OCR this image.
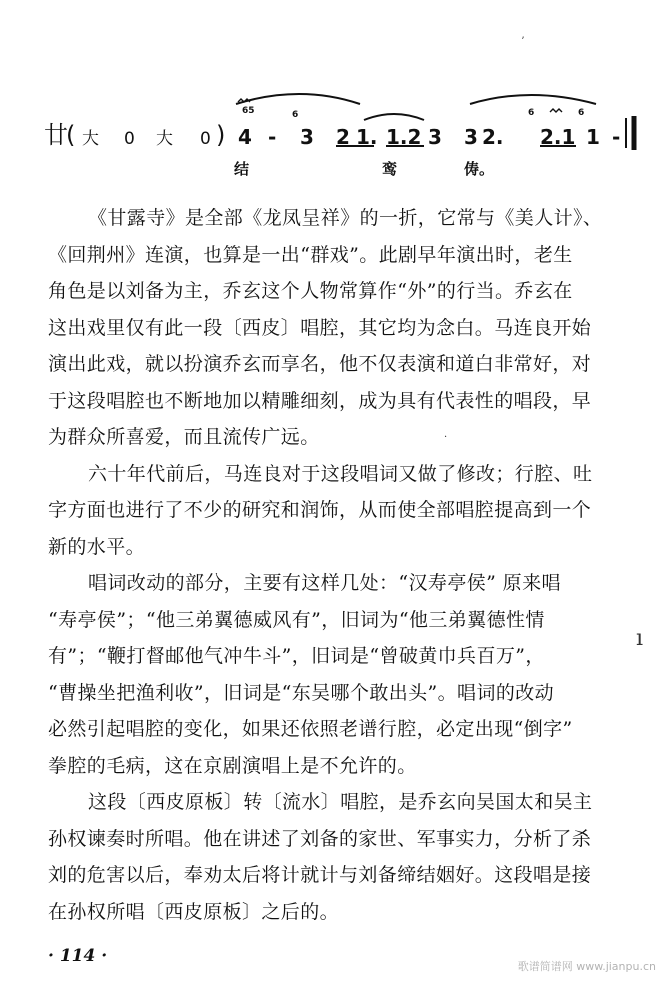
廿
( 大 0 大 0 )
65
4 -
6
3 2 1. 1.2 3 3 2.
6
2.1
6
1 -
结	鸾	俦。
ʼ
《甘露寺》是全部《龙凤呈祥》的一折，它常与《美人计》、
《回荆州》连演，也算是一出“群戏”。此剧早年演出时，老生
角色是以刘备为主，乔玄这个人物常算作“外”的行当。乔玄在
这出戏里仅有此一段〔西皮〕唱腔，其它均为念白。马连良开始
演出此戏，就以扮演乔玄而享名，他不仅表演和道白非常好，对
于这段唱腔也不断地加以精雕细刻，成为具有代表性的唱段，早
为群众所喜爱，而且流传广远。
六十年代前后，马连良对于这段唱词又做了修改；行腔、吐
字方面也进行了不少的研究和润饰，从而使全部唱腔提高到一个
新的水平。
唱词改动的部分，主要有这样几处：“汉寿亭侯” 原来唱
“寿亭侯”；“他三弟翼德威风有”，旧词为“他三弟翼德性情
有”；“鞭打督邮他气冲牛斗”，旧词是“曾破黄巾兵百万”，
“曹操坐把渔利收”，旧词是“东吴哪个敢出头”。唱词的改动
必然引起唱腔的变化，如果还依照老谱行腔，必定出现“倒字”
拳腔的毛病，这在京剧演唱上是不允许的。
这段〔西皮原板〕转〔流水〕唱腔，是乔玄向吴国太和吴主
孙权谏奏时所唱。他在讲述了刘备的家世、军事实力，分析了杀
刘的危害以后，奉劝太后将计就计与刘备缔结姻好。这段唱是接
在孙权所唱〔西皮原板〕之后的。
·
ı
· 114 ·
歌谱简谱网 www.jianpu.cn
